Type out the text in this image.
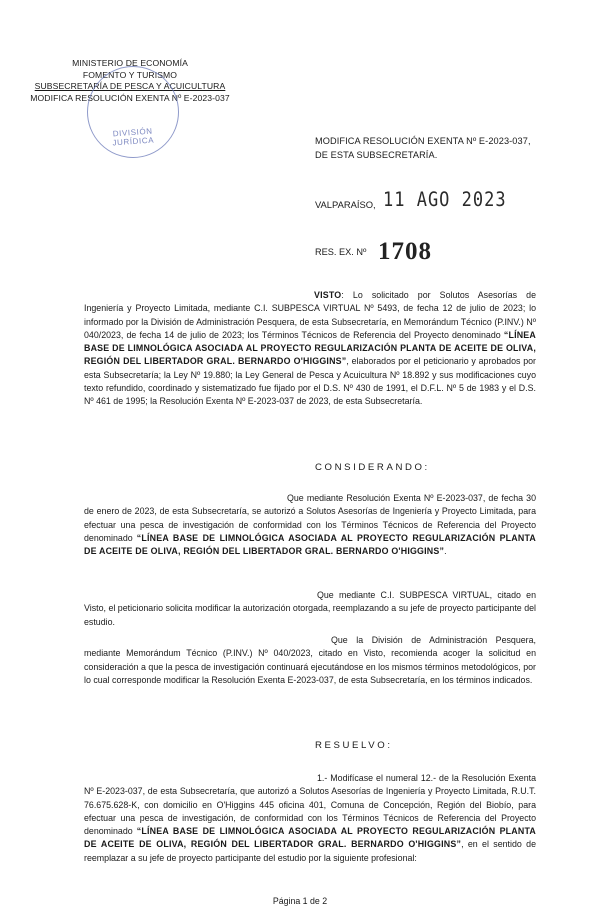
MINISTERIO DE ECONOMÍA
FOMENTO Y TURISMO
SUBSECRETARÍA DE PESCA Y ACUICULTURA
MODIFICA RESOLUCIÓN EXENTA Nº E-2023-037
DIVISIÓN
JURÍDICA	MODIFICA RESOLUCIÓN EXENTA Nº E-2023-037,
DE ESTA SUBSECRETARÍA.
VALPARAÍSO, 11 AGO 2023
RES. EX. Nº 1708
VISTO: Lo solicitado por Solutos Asesorías de Ingeniería y Proyecto Limitada, mediante C.I. SUBPESCA VIRTUAL Nº 5493, de fecha 12 de julio de 2023; lo informado por la División de Administración Pesquera, de esta Subsecretaría, en Memorándum Técnico (P.INV.) Nº 040/2023, de fecha 14 de julio de 2023; los Términos Técnicos de Referencia del Proyecto denominado “LÍNEA BASE DE LIMNOLÓGICA ASOCIADA AL PROYECTO REGULARIZACIÓN PLANTA DE ACEITE DE OLIVA, REGIÓN DEL LIBERTADOR GRAL. BERNARDO O'HIGGINS”, elaborados por el peticionario y aprobados por esta Subsecretaría; la Ley Nº 19.880; la Ley General de Pesca y Acuicultura Nº 18.892 y sus modificaciones cuyo texto refundido, coordinado y sistematizado fue fijado por el D.S. Nº 430 de 1991, el D.F.L. Nº 5 de 1983 y el D.S. Nº 461 de 1995; la Resolución Exenta Nº E-2023-037 de 2023, de esta Subsecretaría.
CONSIDERANDO:
Que mediante Resolución Exenta Nº E-2023-037, de fecha 30 de enero de 2023, de esta Subsecretaría, se autorizó a Solutos Asesorías de Ingeniería y Proyecto Limitada, para efectuar una pesca de investigación de conformidad con los Términos Técnicos de Referencia del Proyecto denominado “LÍNEA BASE DE LIMNOLÓGICA ASOCIADA AL PROYECTO REGULARIZACIÓN PLANTA DE ACEITE DE OLIVA, REGIÓN DEL LIBERTADOR GRAL. BERNARDO O'HIGGINS”.
Que mediante C.I. SUBPESCA VIRTUAL, citado en Visto, el peticionario solicita modificar la autorización otorgada, reemplazando a su jefe de proyecto participante del estudio.
Que la División de Administración Pesquera, mediante Memorándum Técnico (P.INV.) Nº 040/2023, citado en Visto, recomienda acoger la solicitud en consideración a que la pesca de investigación continuará ejecutándose en los mismos términos metodológicos, por lo cual corresponde modificar la Resolución Exenta E-2023-037, de esta Subsecretaría, en los términos indicados.
RESUELVO:
1.- Modifícase el numeral 12.- de la Resolución Exenta Nº E-2023-037, de esta Subsecretaría, que autorizó a Solutos Asesorías de Ingeniería y Proyecto Limitada, R.U.T. 76.675.628-K, con domicilio en O'Higgins 445 oficina 401, Comuna de Concepción, Región del Biobío, para efectuar una pesca de investigación, de conformidad con los Términos Técnicos de Referencia del Proyecto denominado “LÍNEA BASE DE LIMNOLÓGICA ASOCIADA AL PROYECTO REGULARIZACIÓN PLANTA DE ACEITE DE OLIVA, REGIÓN DEL LIBERTADOR GRAL. BERNARDO O'HIGGINS”, en el sentido de reemplazar a su jefe de proyecto participante del estudio por la siguiente profesional:
Página 1 de 2
